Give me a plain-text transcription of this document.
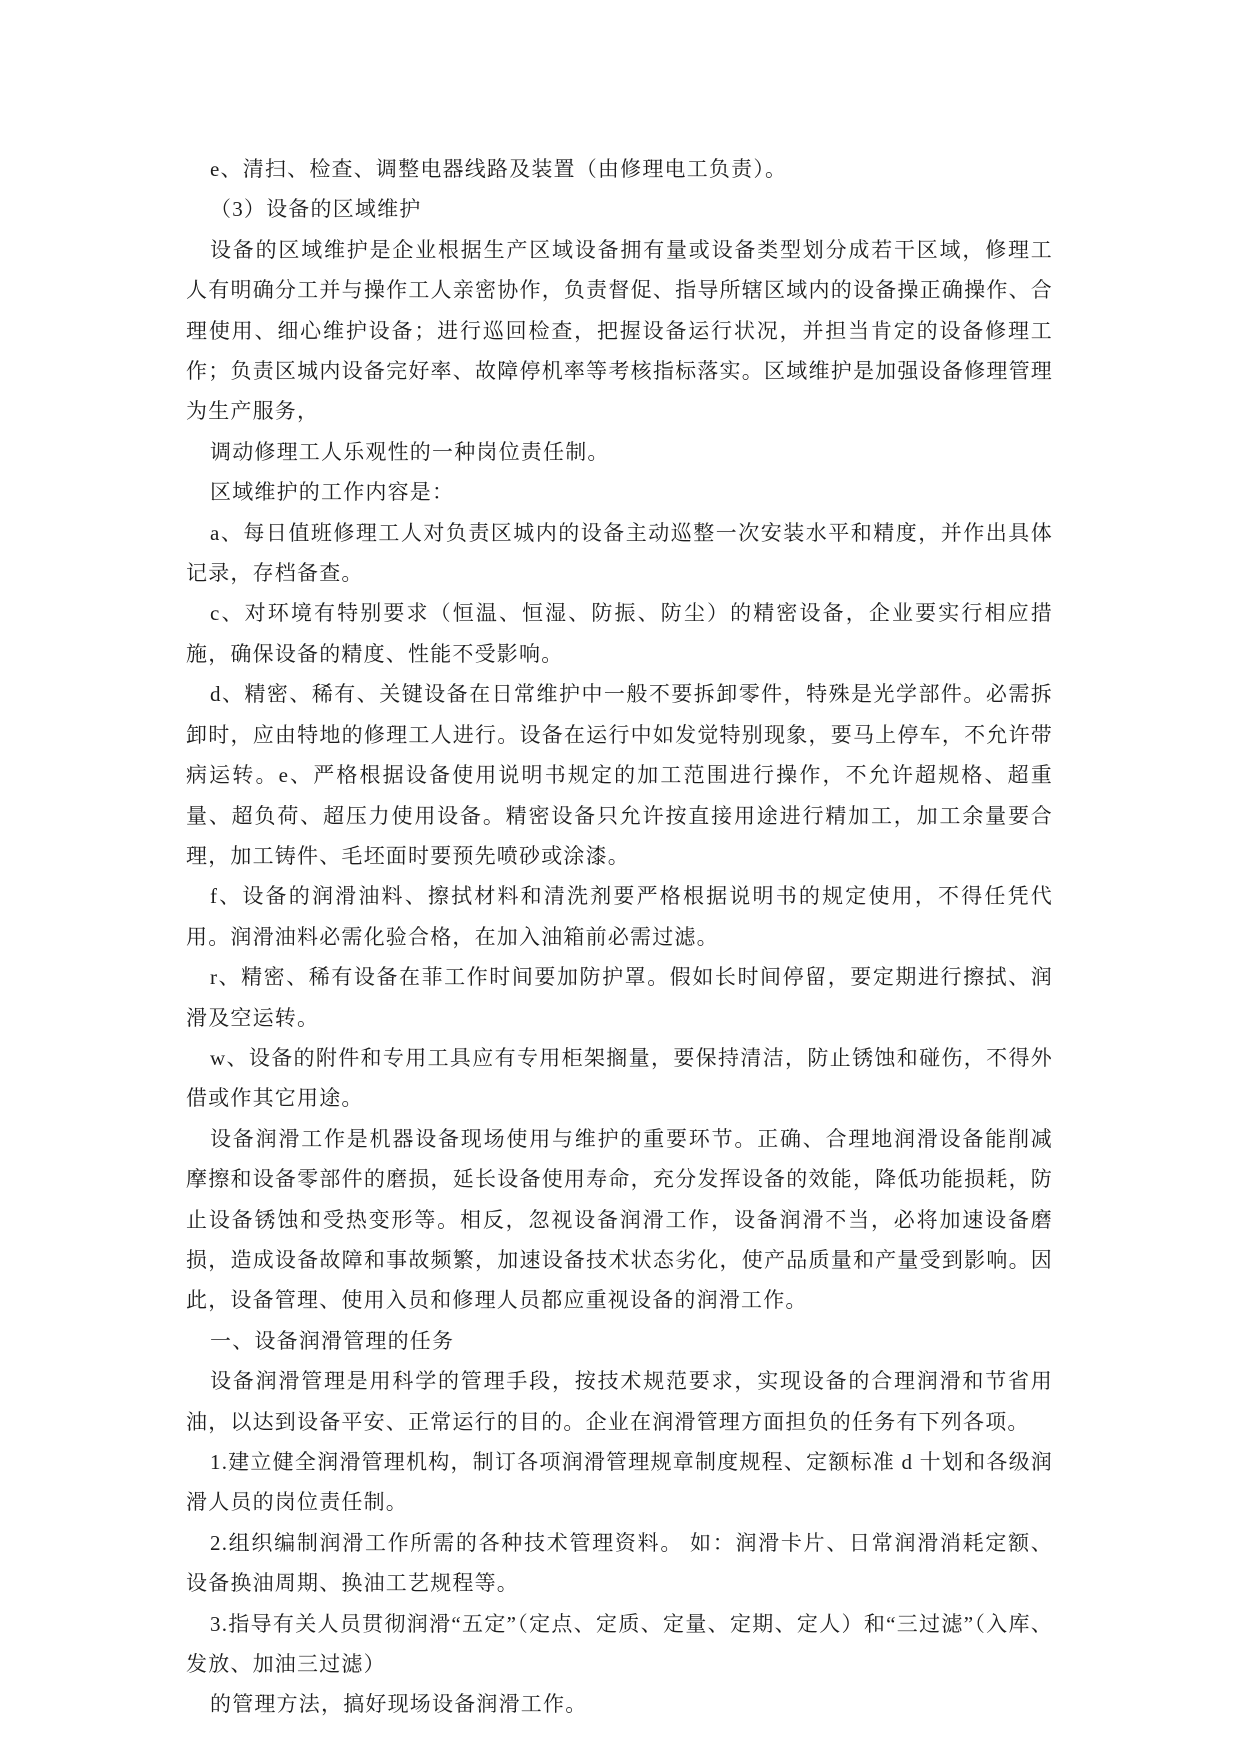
e、清扫、检查、调整电器线路及装置（由修理电工负责）。

（3）设备的区域维护

设备的区域维护是企业根据生产区域设备拥有量或设备类型划分成若干区域，修理工人有明确分工并与操作工人亲密协作，负责督促、指导所辖区域内的设备操正确操作、合理使用、细心维护设备；进行巡回检查，把握设备运行状况，并担当肯定的设备修理工作；负责区城内设备完好率、故障停机率等考核指标落实。区域维护是加强设备修理管理为生产服务，

调动修理工人乐观性的一种岗位责任制。

区域维护的工作内容是：

a、每日值班修理工人对负责区城内的设备主动巡整一次安装水平和精度，并作出具体记录，存档备查。

c、对环境有特别要求（恒温、恒湿、防振、防尘）的精密设备，企业要实行相应措施，确保设备的精度、性能不受影响。

d、精密、稀有、关键设备在日常维护中一般不要拆卸零件，特殊是光学部件。必需拆卸时，应由特地的修理工人进行。设备在运行中如发觉特别现象，要马上停车，不允许带病运转。e、严格根据设备使用说明书规定的加工范围进行操作，不允许超规格、超重量、超负荷、超压力使用设备。精密设备只允许按直接用途进行精加工，加工余量要合理，加工铸件、毛坯面时要预先喷砂或涂漆。

f、设备的润滑油料、擦拭材料和清洗剂要严格根据说明书的规定使用，不得任凭代用。润滑油料必需化验合格，在加入油箱前必需过滤。

r、精密、稀有设备在菲工作时间要加防护罩。假如长时间停留，要定期进行擦拭、润滑及空运转。

w、设备的附件和专用工具应有专用柜架搁量，要保持清洁，防止锈蚀和碰伤，不得外借或作其它用途。

设备润滑工作是机器设备现场使用与维护的重要环节。正确、合理地润滑设备能削减摩擦和设备零部件的磨损，延长设备使用寿命，充分发挥设备的效能，降低功能损耗，防止设备锈蚀和受热变形等。相反，忽视设备润滑工作，设备润滑不当，必将加速设备磨损，造成设备故障和事故频繁，加速设备技术状态劣化，使产品质量和产量受到影响。因此，设备管理、使用入员和修理人员都应重视设备的润滑工作。

一、设备润滑管理的任务

设备润滑管理是用科学的管理手段，按技术规范要求，实现设备的合理润滑和节省用油，以达到设备平安、正常运行的目的。企业在润滑管理方面担负的任务有下列各项。

1.建立健全润滑管理机构，制订各项润滑管理规章制度规程、定额标准 d 十划和各级润滑人员的岗位责任制。

2.组织编制润滑工作所需的各种技术管理资料。 如：润滑卡片、日常润滑消耗定额、设备换油周期、换油工艺规程等。

3.指导有关人员贯彻润滑“五定”（定点、定质、定量、定期、定人）和“三过滤”（入库、发放、加油三过滤）

的管理方法，搞好现场设备润滑工作。
